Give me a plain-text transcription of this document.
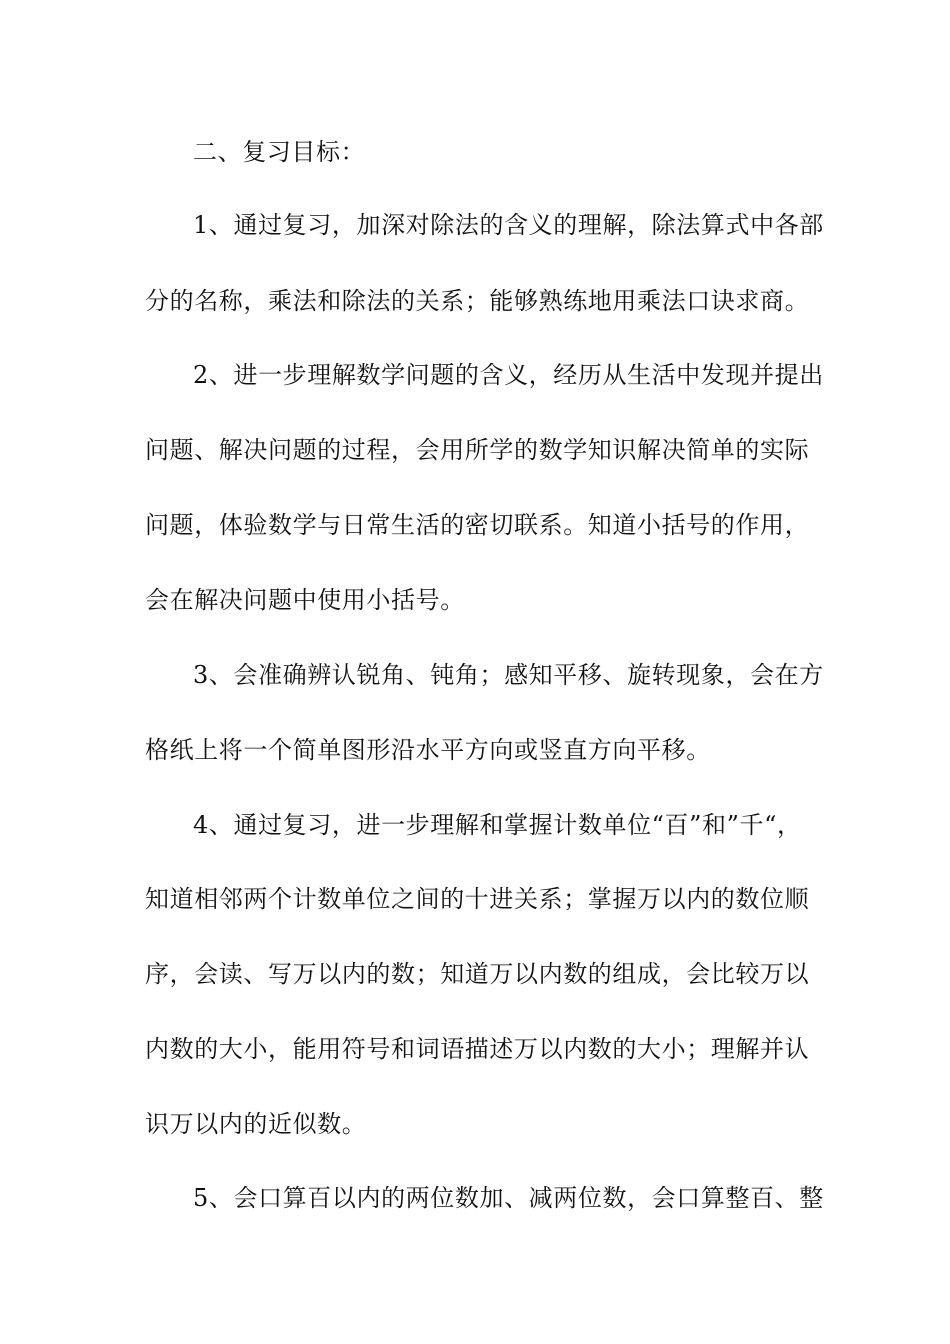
二、复习目标：
1、通过复习，加深对除法的含义的理解，除法算式中各部
分的名称，乘法和除法的关系；能够熟练地用乘法口诀求商。
2、进一步理解数学问题的含义，经历从生活中发现并提出
问题、解决问题的过程，会用所学的数学知识解决简单的实际
问题，体验数学与日常生活的密切联系。知道小括号的作用，
会在解决问题中使用小括号。
3、会准确辨认锐角、钝角；感知平移、旋转现象，会在方
格纸上将一个简单图形沿水平方向或竖直方向平移。
4、通过复习，进一步理解和掌握计数单位“百”和”千“，
知道相邻两个计数单位之间的十进关系；掌握万以内的数位顺
序，会读、写万以内的数；知道万以内数的组成，会比较万以
内数的大小，能用符号和词语描述万以内数的大小；理解并认
识万以内的近似数。
5、会口算百以内的两位数加、减两位数，会口算整百、整
